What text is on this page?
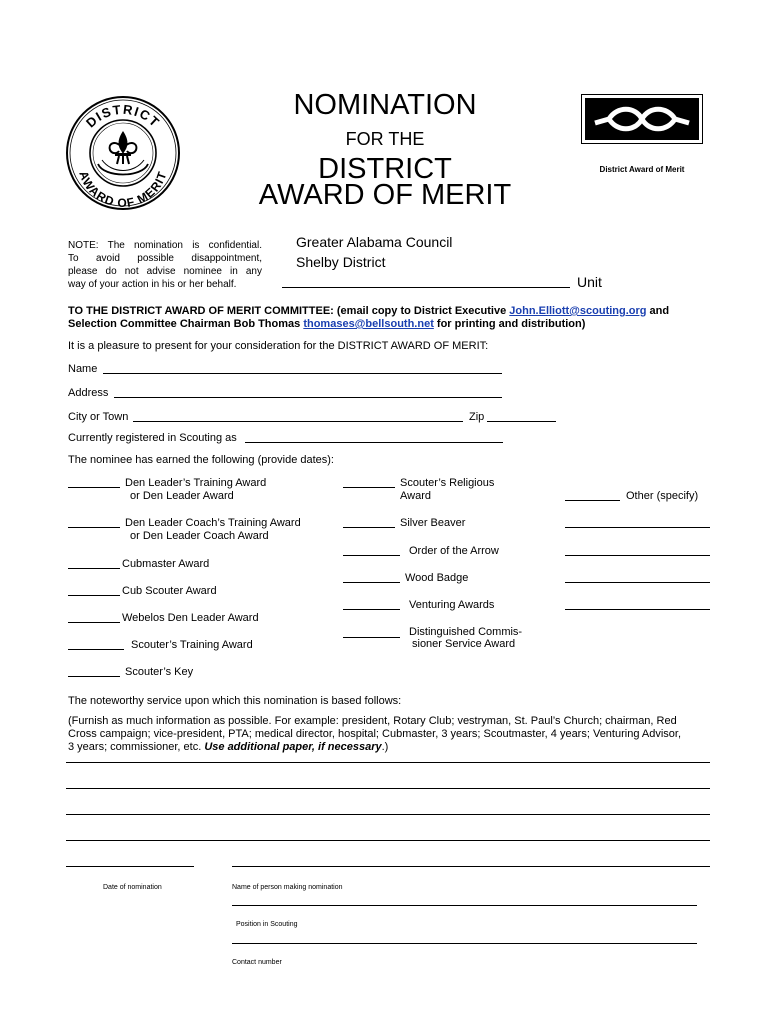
DISTRICT
AWARD OF MERIT
NOMINATION
FOR THE
DISTRICT
AWARD OF MERIT
District Award of Merit
NOTE: The nomination is confidential.
To avoid possible disappointment,
please do not advise nominee in any
way of your action in his or her behalf.
Greater Alabama Council
Shelby District
Unit
TO THE DISTRICT AWARD OF MERIT COMMITTEE: (email copy to District Executive John.Elliott@scouting.org and
Selection Committee Chairman Bob Thomas thomases@bellsouth.net for printing and distribution)
It is a pleasure to present for your consideration for the DISTRICT AWARD OF MERIT:
Name
Address
City or Town	Zip
Currently registered in Scouting as
The nominee has earned the following (provide dates):
Den Leader’s Training Award
or Den Leader Award
Den Leader Coach’s Training Award
or Den Leader Coach Award
Cubmaster Award
Cub Scouter Award
Webelos Den Leader Award
Scouter’s Training Award
Scouter’s Key
Scouter’s Religious
Award
Silver Beaver
Order of the Arrow
Wood Badge
Venturing Awards
Distinguished Commis-
sioner Service Award
Other (specify)
The noteworthy service upon which this nomination is based follows:
(Furnish as much information as possible. For example: president, Rotary Club; vestryman, St. Paul’s Church; chairman, Red
Cross campaign; vice-president, PTA; medical director, hospital; Cubmaster, 3 years; Scoutmaster, 4 years; Venturing Advisor,
3 years; commissioner, etc. Use additional paper, if necessary.)
Date of nomination	Name of person making nomination
Position in Scouting
Contact number
